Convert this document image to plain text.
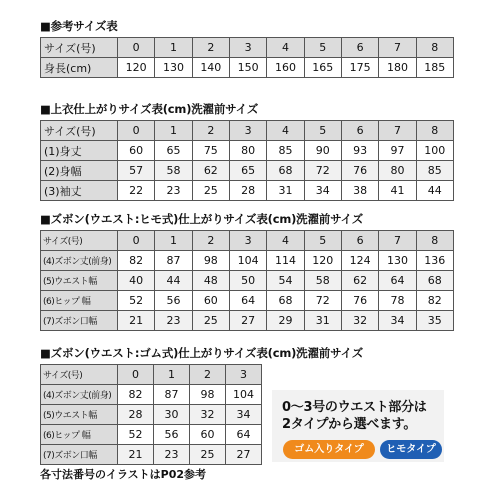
■参考サイズ表
サイズ(号)	0	1	2	3	4	5	6	7	8
身長(cm)	120	130	140	150	160	165	175	180	185
■上衣仕上がりサイズ表(cm)洗濯前サイズ
サイズ(号)	0	1	2	3	4	5	6	7	8
(1)身丈	60	65	75	80	85	90	93	97	100
(2)身幅	57	58	62	65	68	72	76	80	85
(3)袖丈	22	23	25	28	31	34	38	41	44
■ズボン(ウエスト:ヒモ式)仕上がりサイズ表(cm)洗濯前サイズ
サイズ(号)	0	1	2	3	4	5	6	7	8
(4)ズボン丈(前身)	82	87	98	104	114	120	124	130	136
(5)ウエスト幅	40	44	48	50	54	58	62	64	68
(6)ヒップ 幅	52	56	60	64	68	72	76	78	82
(7)ズボン口幅	21	23	25	27	29	31	32	34	35
■ズボン(ウエスト:ゴム式)仕上がりサイズ表(cm)洗濯前サイズ
サイズ(号)	0	1	2	3
(4)ズボン丈(前身)	82	87	98	104
(5)ウエスト幅	28	30	32	34
(6)ヒップ 幅	52	56	60	64
(7)ズボン口幅	21	23	25	27
0〜3号のウエスト部分は
2タイプから選べます。
ゴム入りタイプ	ヒモタイプ
各寸法番号のイラストはP02参考
